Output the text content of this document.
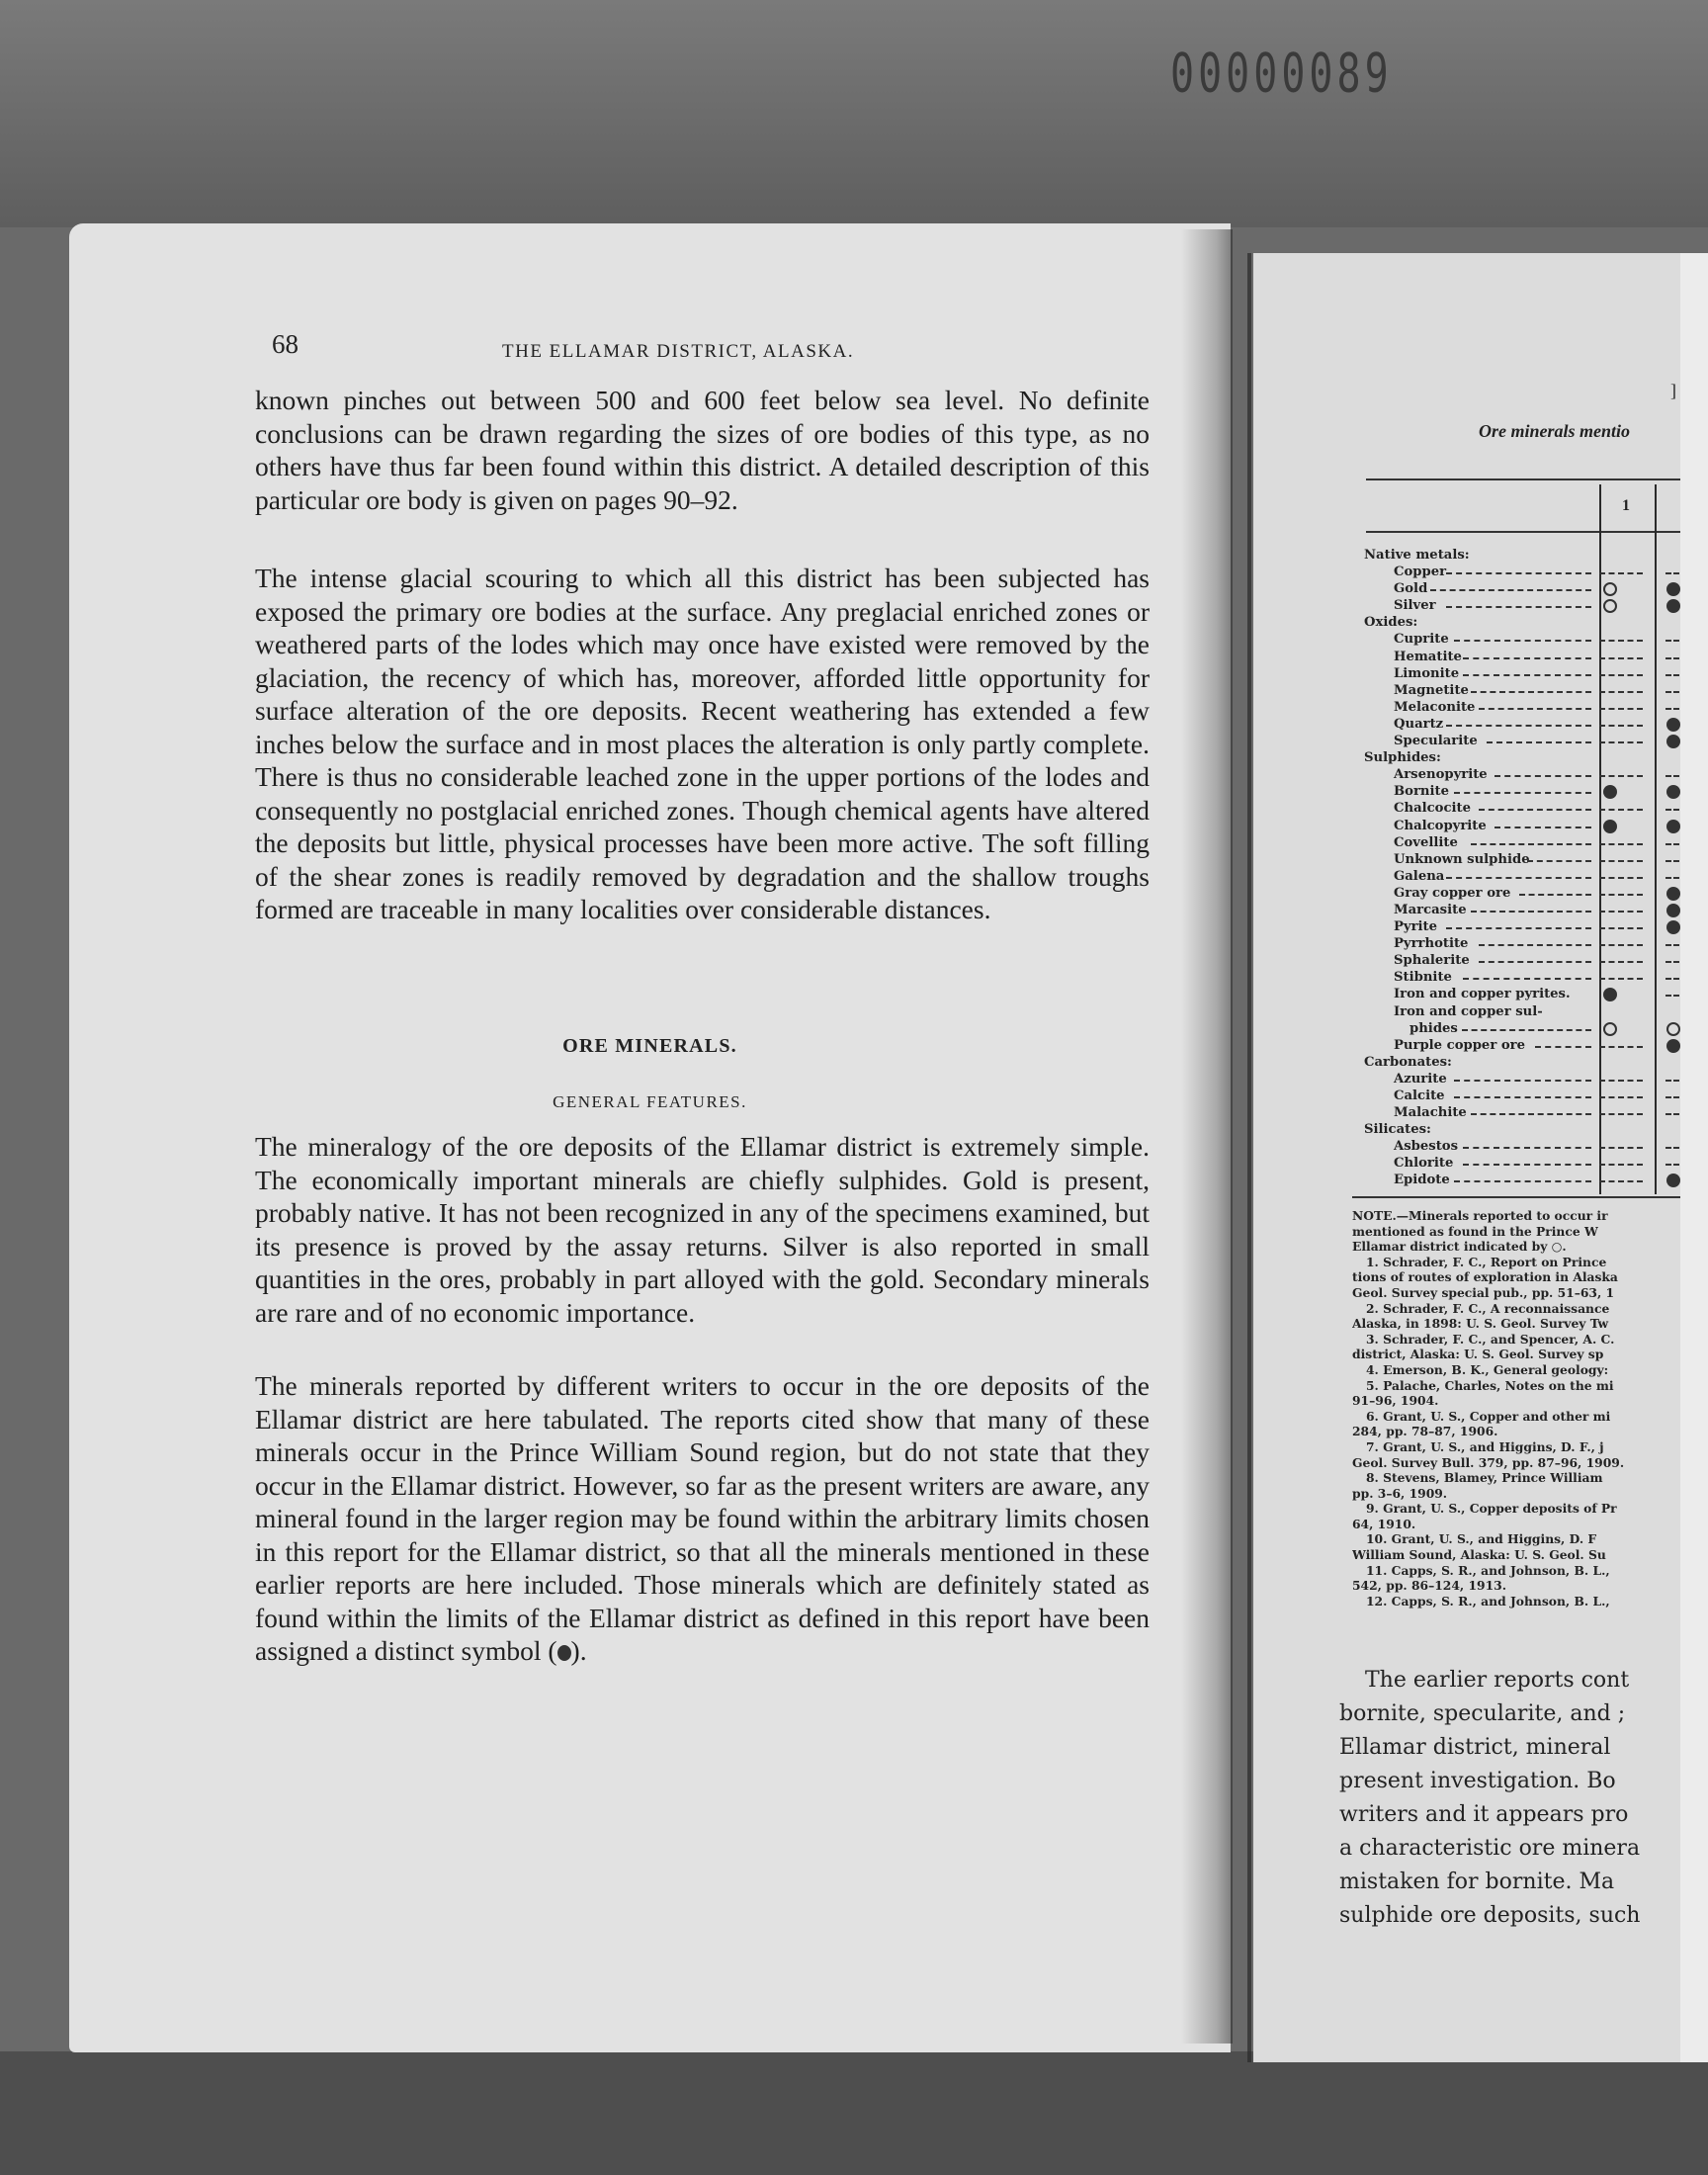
00000089
68	THE ELLAMAR DISTRICT, ALASKA.

known pinches out between 500 and 600 feet below sea level. No definite conclusions can be drawn regarding the sizes of ore bodies of this type, as no others have thus far been found within this district. A detailed description of this particular ore body is given on pages 90–92.

The intense glacial scouring to which all this district has been subjected has exposed the primary ore bodies at the surface. Any preglacial enriched zones or weathered parts of the lodes which may once have existed were removed by the glaciation, the recency of which has, moreover, afforded little opportunity for surface alteration of the ore deposits. Recent weathering has extended a few inches below the surface and in most places the alteration is only partly complete. There is thus no considerable leached zone in the upper portions of the lodes and consequently no postglacial enriched zones. Though chemical agents have altered the deposits but little, physical processes have been more active. The soft filling of the shear zones is readily removed by degradation and the shallow troughs formed are traceable in many localities over considerable distances.

ORE MINERALS.
GENERAL FEATURES.

The mineralogy of the ore deposits of the Ellamar district is extremely simple. The economically important minerals are chiefly sulphides. Gold is present, probably native. It has not been recognized in any of the specimens examined, but its presence is proved by the assay returns. Silver is also reported in small quantities in the ores, probably in part alloyed with the gold. Secondary minerals are rare and of no economic importance.

The minerals reported by different writers to occur in the ore deposits of the Ellamar district are here tabulated. The reports cited show that many of these minerals occur in the Prince William Sound region, but do not state that they occur in the Ellamar district. However, so far as the present writers are aware, any mineral found in the larger region may be found within the arbitrary limits chosen in this report for the Ellamar district, so that all the minerals mentioned in these earlier reports are here included. Those minerals which are definitely stated as found within the limits of the Ellamar district as defined in this report have been assigned a distinct symbol ( ).

]
Ore minerals mentio
1
Native metals:
Copper
Gold
Silver
Oxides:
Cuprite
Hematite
Limonite
Magnetite
Melaconite
Quartz
Specularite
Sulphides:
Arsenopyrite
Bornite
Chalcocite
Chalcopyrite
Covellite
Unknown sulphide
Galena
Gray copper ore
Marcasite
Pyrite
Pyrrhotite
Sphalerite
Stibnite
Iron and copper pyrites.
Iron and copper sul-
phides
Purple copper ore
Carbonates:
Azurite
Calcite
Malachite
Silicates:
Asbestos
Chlorite
Epidote
NOTE.—Minerals reported to occur ir
mentioned as found in the Prince W
Ellamar district indicated by ○.
1. Schrader, F. C., Report on Prince
tions of routes of exploration in Alaska
Geol. Survey special pub., pp. 51–63, 1
2. Schrader, F. C., A reconnaissance
Alaska, in 1898: U. S. Geol. Survey Tw
3. Schrader, F. C., and Spencer, A. C.
district, Alaska: U. S. Geol. Survey sp
4. Emerson, B. K., General geology:
5. Palache, Charles, Notes on the mi
91–96, 1904.
6. Grant, U. S., Copper and other mi
284, pp. 78–87, 1906.
7. Grant, U. S., and Higgins, D. F., j
Geol. Survey Bull. 379, pp. 87–96, 1909.
8. Stevens, Blamey, Prince William
pp. 3–6, 1909.
9. Grant, U. S., Copper deposits of Pr
64, 1910.
10. Grant, U. S., and Higgins, D. F
William Sound, Alaska: U. S. Geol. Su
11. Capps, S. R., and Johnson, B. L.,
542, pp. 86–124, 1913.
12. Capps, S. R., and Johnson, B. L.,
The earlier reports cont
bornite, specularite, and ;
Ellamar district, mineral
present investigation. Bo
writers and it appears pro
a characteristic ore minera
mistaken for bornite. Ma
sulphide ore deposits, such
